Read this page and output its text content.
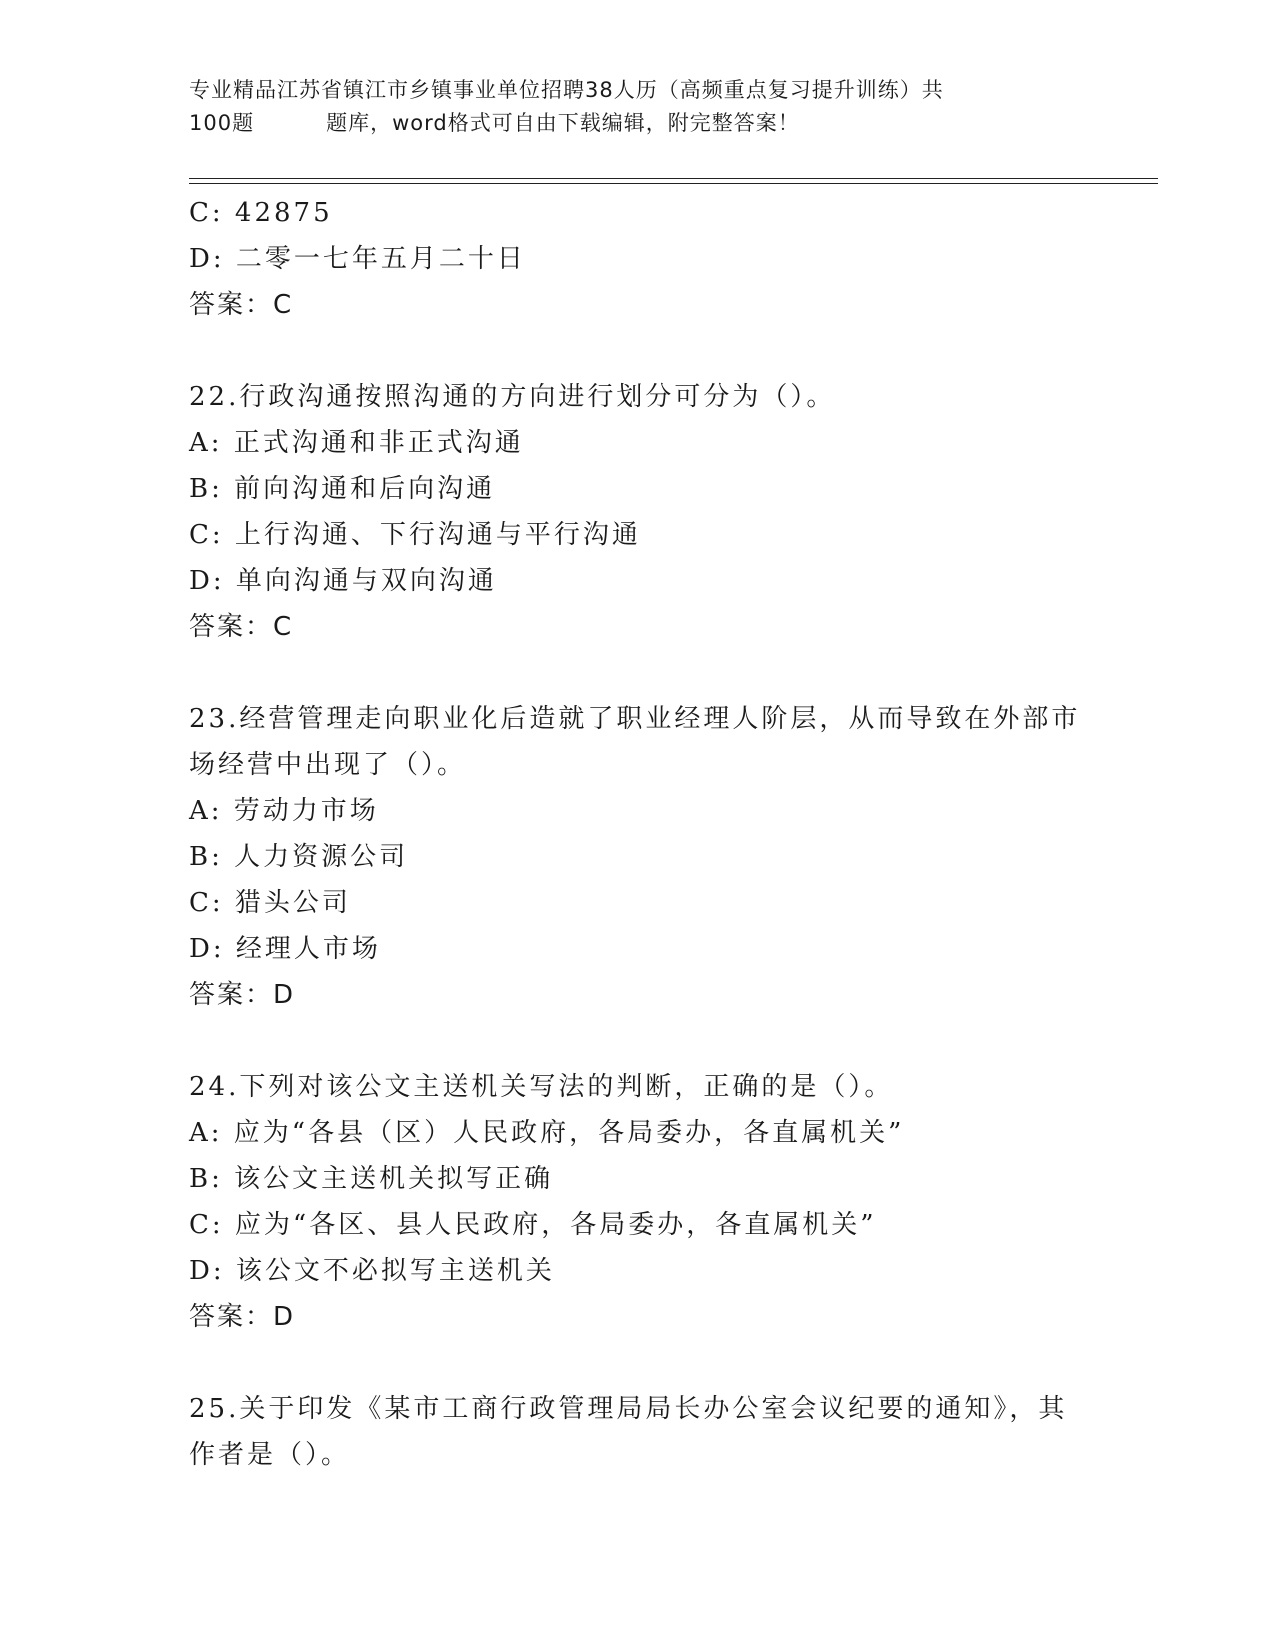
专业精品江苏省镇江市乡镇事业单位招聘38人历（高频重点复习提升训练）共
100题	题库，word格式可自由下载编辑，附完整答案！
C: 42875
D: 二零一七年五月二十日
答案：C
22.行政沟通按照沟通的方向进行划分可分为（）。
A: 正式沟通和非正式沟通
B: 前向沟通和后向沟通
C: 上行沟通、下行沟通与平行沟通
D: 单向沟通与双向沟通
答案：C
23.经营管理走向职业化后造就了职业经理人阶层，从而导致在外部市
场经营中出现了（）。
A: 劳动力市场
B: 人力资源公司
C: 猎头公司
D: 经理人市场
答案：D
24.下列对该公文主送机关写法的判断，正确的是（）。
A: 应为“各县（区）人民政府，各局委办，各直属机关”
B: 该公文主送机关拟写正确
C: 应为“各区、县人民政府，各局委办，各直属机关”
D: 该公文不必拟写主送机关
答案：D
25.关于印发《某市工商行政管理局局长办公室会议纪要的通知》，其
作者是（）。
